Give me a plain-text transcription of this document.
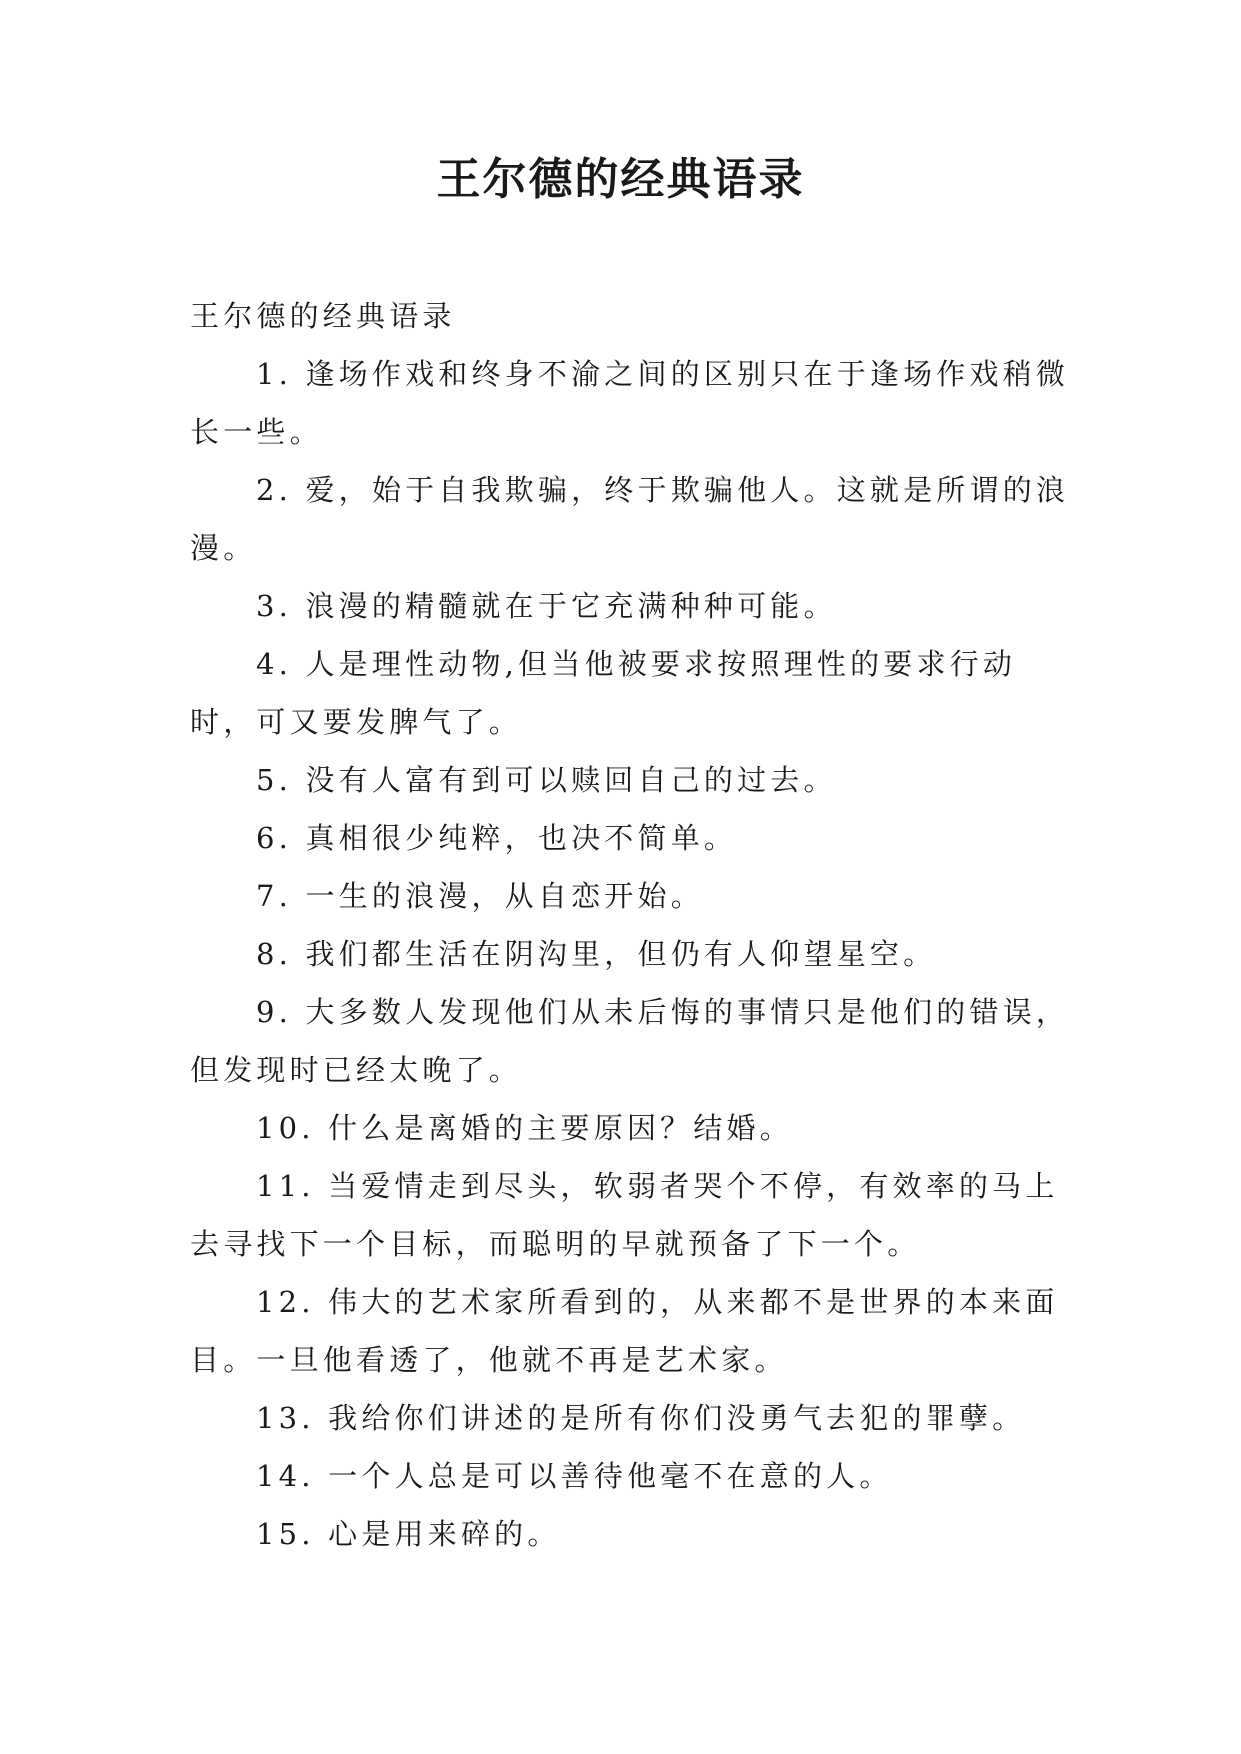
王尔德的经典语录

王尔德的经典语录

1. 逢场作戏和终身不渝之间的区别只在于逢场作戏稍微长一些。

2. 爱，始于自我欺骗，终于欺骗他人。这就是所谓的浪漫。

3. 浪漫的精髓就在于它充满种种可能。

4. 人是理性动物,但当他被要求按照理性的要求行动时，可又要发脾气了。

5. 没有人富有到可以赎回自己的过去。

6. 真相很少纯粹，也决不简单。

7. 一生的浪漫，从自恋开始。

8. 我们都生活在阴沟里，但仍有人仰望星空。

9. 大多数人发现他们从未后悔的事情只是他们的错误，但发现时已经太晚了。

10. 什么是离婚的主要原因？结婚。

11. 当爱情走到尽头，软弱者哭个不停，有效率的马上去寻找下一个目标，而聪明的早就预备了下一个。

12. 伟大的艺术家所看到的，从来都不是世界的本来面目。一旦他看透了，他就不再是艺术家。

13. 我给你们讲述的是所有你们没勇气去犯的罪孽。

14. 一个人总是可以善待他毫不在意的人。

15. 心是用来碎的。
